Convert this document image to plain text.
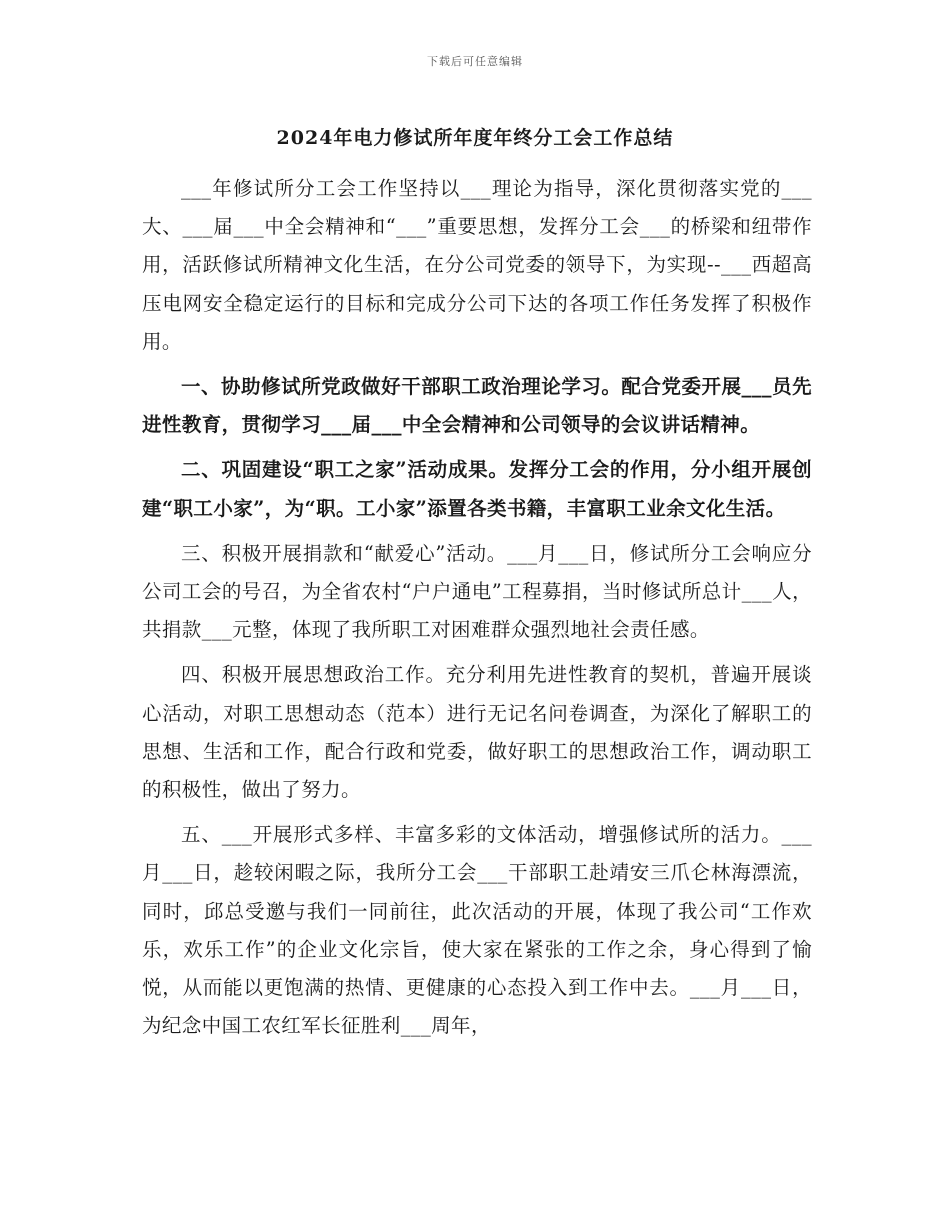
下载后可任意编辑
2024年电力修试所年度年终分工会工作总结

___年修试所分工会工作坚持以___理论为指导，深化贯彻落实党的___大、___届___中全会精神和“___”重要思想，发挥分工会___的桥梁和纽带作用，活跃修试所精神文化生活，在分公司党委的领导下，为实现--___西超高压电网安全稳定运行的目标和完成分公司下达的各项工作任务发挥了积极作用。

一、协助修试所党政做好干部职工政治理论学习。配合党委开展___员先进性教育，贯彻学习___届___中全会精神和公司领导的会议讲话精神。

二、巩固建设“职工之家”活动成果。发挥分工会的作用，分小组开展创建“职工小家”，为“职。工小家”添置各类书籍，丰富职工业余文化生活。

三、积极开展捐款和“献爱心”活动。___月___日，修试所分工会响应分公司工会的号召，为全省农村“户户通电”工程募捐，当时修试所总计___人，共捐款___元整，体现了我所职工对困难群众强烈地社会责任感。

四、积极开展思想政治工作。充分利用先进性教育的契机，普遍开展谈心活动，对职工思想动态（范本）进行无记名问卷调查，为深化了解职工的思想、生活和工作，配合行政和党委，做好职工的思想政治工作，调动职工的积极性，做出了努力。

五、___开展形式多样、丰富多彩的文体活动，增强修试所的活力。___月___日，趁较闲暇之际，我所分工会___干部职工赴靖安三爪仑林海漂流，同时，邱总受邀与我们一同前往，此次活动的开展，体现了我公司“工作欢乐，欢乐工作”的企业文化宗旨，使大家在紧张的工作之余，身心得到了愉悦，从而能以更饱满的热情、更健康的心态投入到工作中去。___月___日，为纪念中国工农红军长征胜利___周年，
